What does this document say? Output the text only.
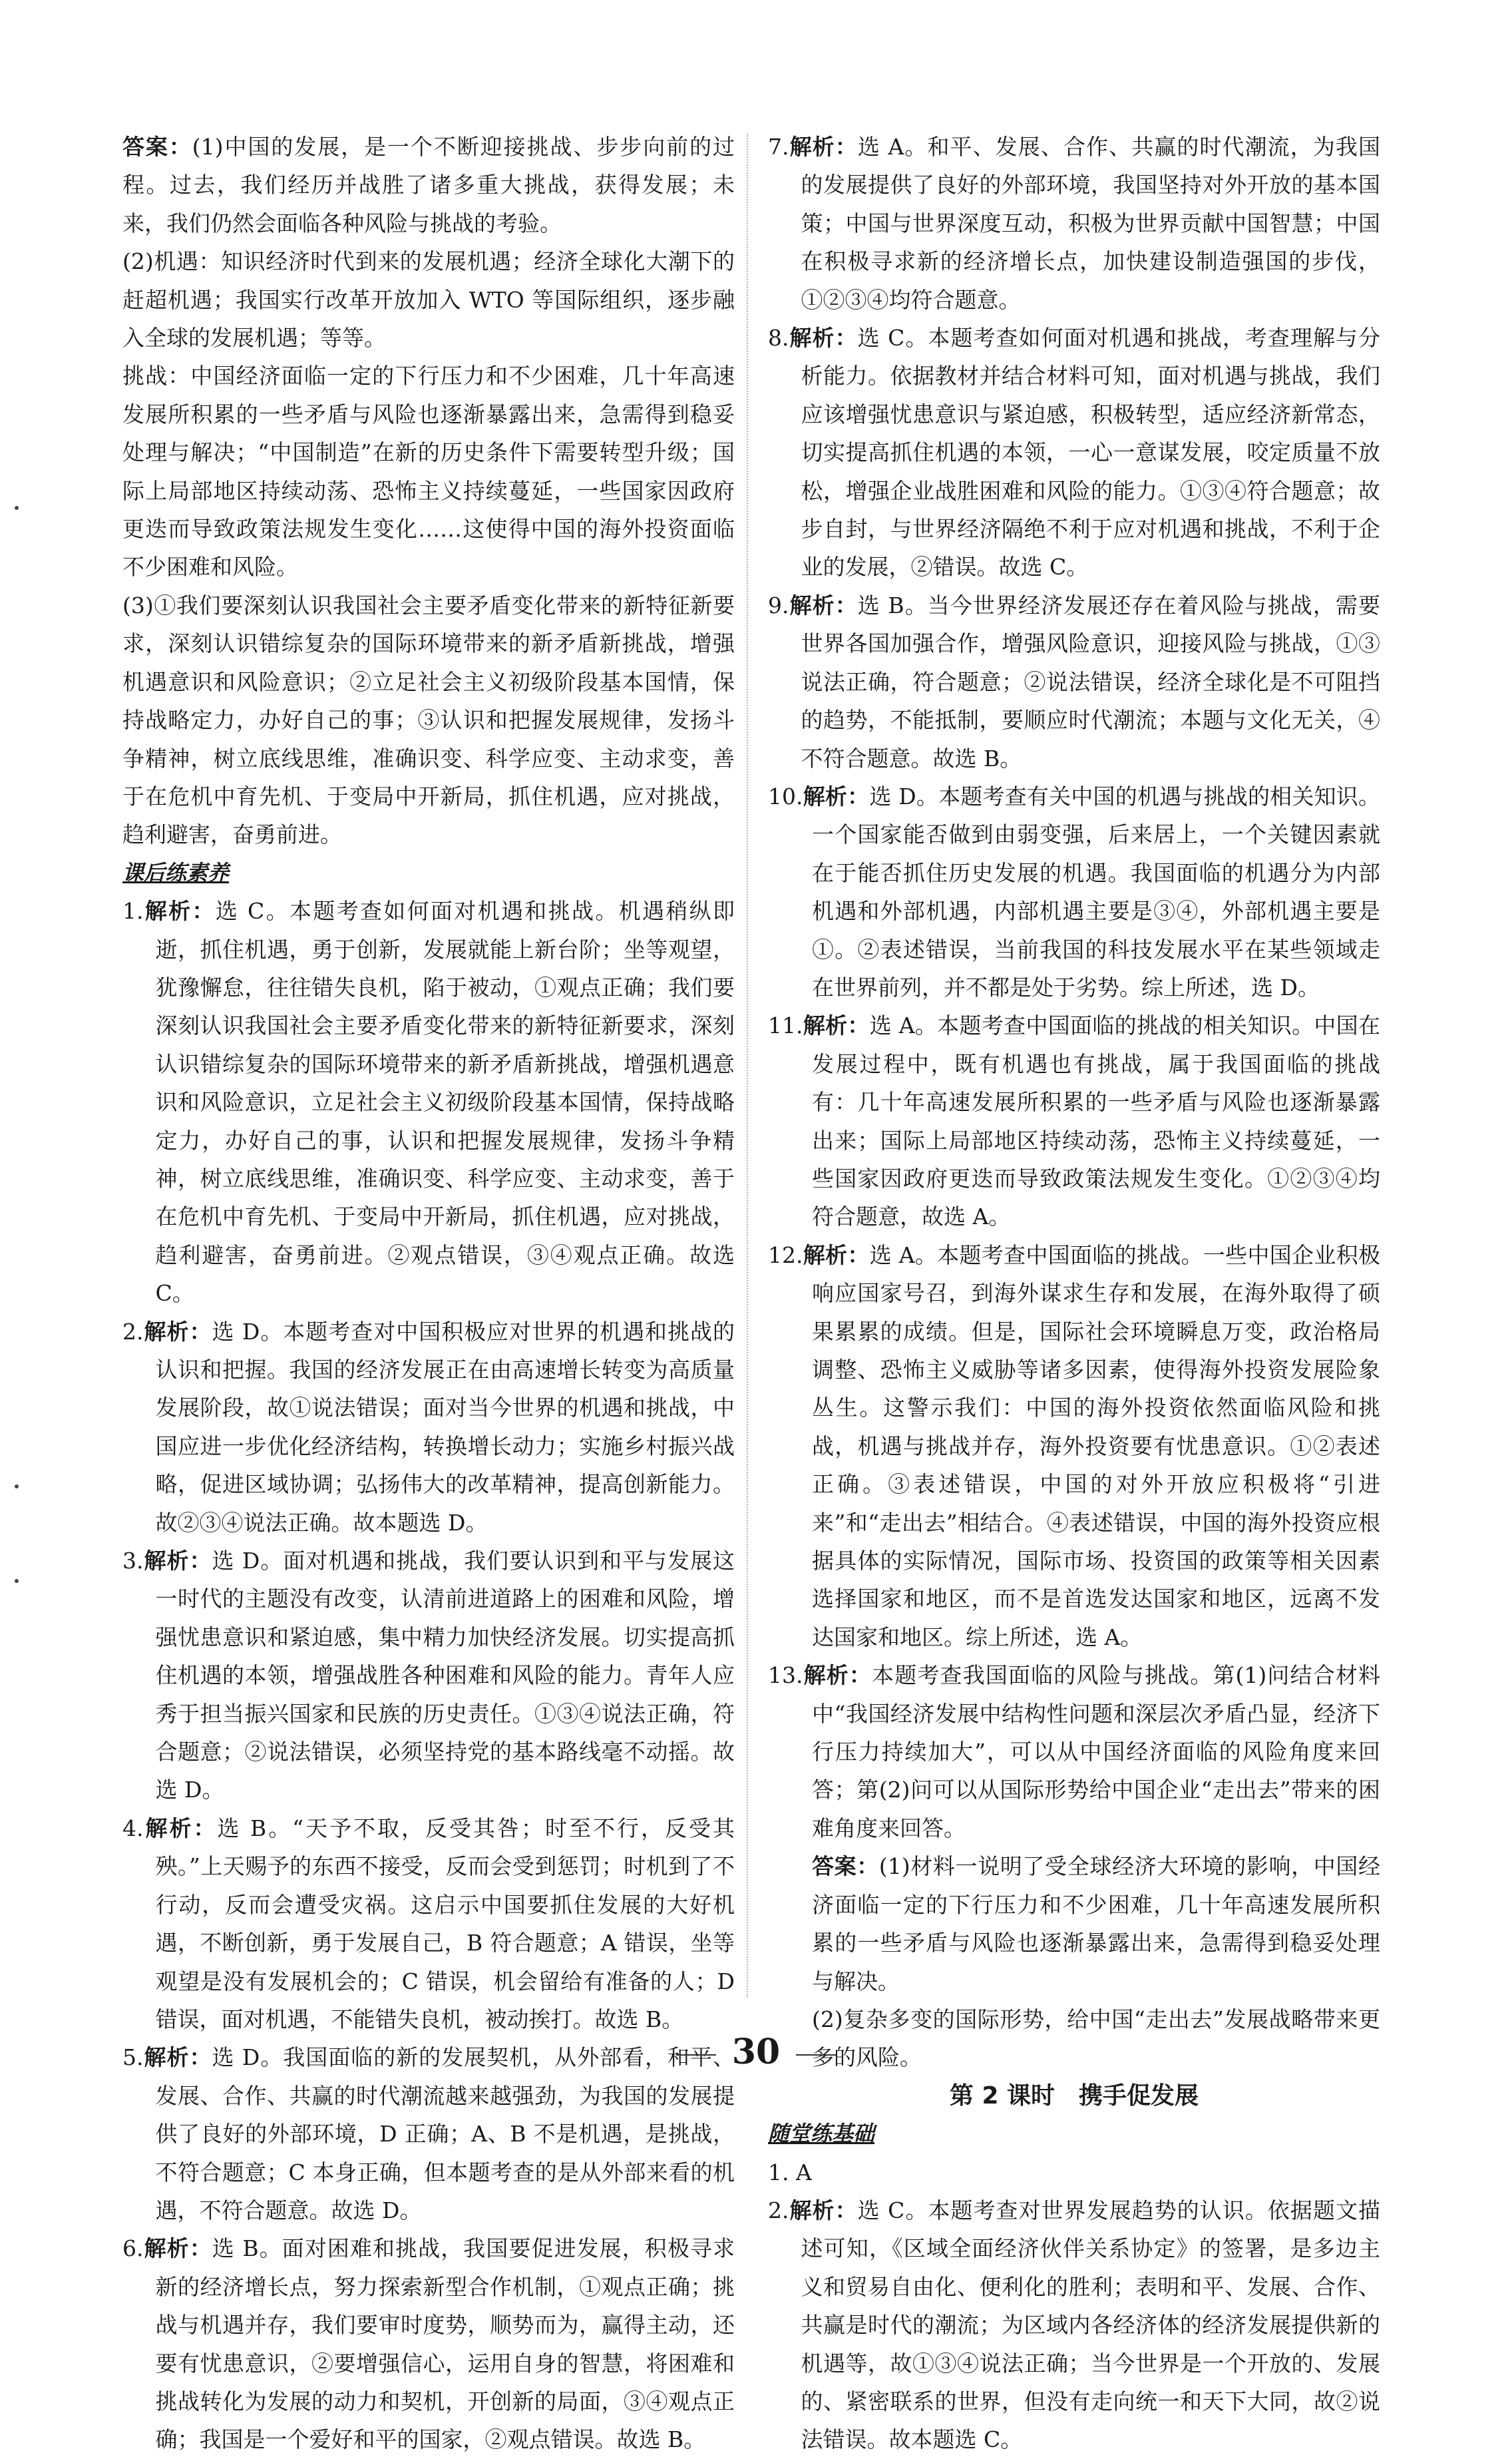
答案：(1)中国的发展，是一个不断迎接挑战、步步向前的过程。过去，我们经历并战胜了诸多重大挑战，获得发展；未来，我们仍然会面临各种风险与挑战的考验。

(2)机遇：知识经济时代到来的发展机遇；经济全球化大潮下的赶超机遇；我国实行改革开放加入 WTO 等国际组织，逐步融入全球的发展机遇；等等。

挑战：中国经济面临一定的下行压力和不少困难，几十年高速发展所积累的一些矛盾与风险也逐渐暴露出来，急需得到稳妥处理与解决；“中国制造”在新的历史条件下需要转型升级；国际上局部地区持续动荡、恐怖主义持续蔓延，一些国家因政府更迭而导致政策法规发生变化……这使得中国的海外投资面临不少困难和风险。

(3)①我们要深刻认识我国社会主要矛盾变化带来的新特征新要求，深刻认识错综复杂的国际环境带来的新矛盾新挑战，增强机遇意识和风险意识；②立足社会主义初级阶段基本国情，保持战略定力，办好自己的事；③认识和把握发展规律，发扬斗争精神，树立底线思维，准确识变、科学应变、主动求变，善于在危机中育先机、于变局中开新局，抓住机遇，应对挑战，趋利避害，奋勇前进。

课后练素养

1.解析：选 C。本题考查如何面对机遇和挑战。机遇稍纵即逝，抓住机遇，勇于创新，发展就能上新台阶；坐等观望，犹豫懈怠，往往错失良机，陷于被动，①观点正确；我们要深刻认识我国社会主要矛盾变化带来的新特征新要求，深刻认识错综复杂的国际环境带来的新矛盾新挑战，增强机遇意识和风险意识，立足社会主义初级阶段基本国情，保持战略定力，办好自己的事，认识和把握发展规律，发扬斗争精神，树立底线思维，准确识变、科学应变、主动求变，善于在危机中育先机、于变局中开新局，抓住机遇，应对挑战，趋利避害，奋勇前进。②观点错误，③④观点正确。故选 C。

2.解析：选 D。本题考查对中国积极应对世界的机遇和挑战的认识和把握。我国的经济发展正在由高速增长转变为高质量发展阶段，故①说法错误；面对当今世界的机遇和挑战，中国应进一步优化经济结构，转换增长动力；实施乡村振兴战略，促进区域协调；弘扬伟大的改革精神，提高创新能力。故②③④说法正确。故本题选 D。

3.解析：选 D。面对机遇和挑战，我们要认识到和平与发展这一时代的主题没有改变，认清前进道路上的困难和风险，增强忧患意识和紧迫感，集中精力加快经济发展。切实提高抓住机遇的本领，增强战胜各种困难和风险的能力。青年人应秀于担当振兴国家和民族的历史责任。①③④说法正确，符合题意；②说法错误，必须坚持党的基本路线毫不动摇。故选 D。

4.解析：选 B。“天予不取，反受其咎；时至不行，反受其殃。”上天赐予的东西不接受，反而会受到惩罚；时机到了不行动，反而会遭受灾祸。这启示中国要抓住发展的大好机遇，不断创新，勇于发展自己，B 符合题意；A 错误，坐等观望是没有发展机会的；C 错误，机会留给有准备的人；D 错误，面对机遇，不能错失良机，被动挨打。故选 B。

5.解析：选 D。我国面临的新的发展契机，从外部看，和平、发展、合作、共赢的时代潮流越来越强劲，为我国的发展提供了良好的外部环境，D 正确；A、B 不是机遇，是挑战，不符合题意；C 本身正确，但本题考查的是从外部来看的机遇，不符合题意。故选 D。

6.解析：选 B。面对困难和挑战，我国要促进发展，积极寻求新的经济增长点，努力探索新型合作机制，①观点正确；挑战与机遇并存，我们要审时度势，顺势而为，赢得主动，还要有忧患意识，②要增强信心，运用自身的智慧，将困难和挑战转化为发展的动力和契机，开创新的局面，③④观点正确；我国是一个爱好和平的国家，②观点错误。故选 B。

7.解析：选 A。和平、发展、合作、共赢的时代潮流，为我国的发展提供了良好的外部环境，我国坚持对外开放的基本国策；中国与世界深度互动，积极为世界贡献中国智慧；中国在积极寻求新的经济增长点，加快建设制造强国的步伐，①②③④均符合题意。

8.解析：选 C。本题考查如何面对机遇和挑战，考查理解与分析能力。依据教材并结合材料可知，面对机遇与挑战，我们应该增强忧患意识与紧迫感，积极转型，适应经济新常态，切实提高抓住机遇的本领，一心一意谋发展，咬定质量不放松，增强企业战胜困难和风险的能力。①③④符合题意；故步自封，与世界经济隔绝不利于应对机遇和挑战，不利于企业的发展，②错误。故选 C。

9.解析：选 B。当今世界经济发展还存在着风险与挑战，需要世界各国加强合作，增强风险意识，迎接风险与挑战，①③说法正确，符合题意；②说法错误，经济全球化是不可阻挡的趋势，不能抵制，要顺应时代潮流；本题与文化无关，④不符合题意。故选 B。

10.解析：选 D。本题考查有关中国的机遇与挑战的相关知识。一个国家能否做到由弱变强，后来居上，一个关键因素就在于能否抓住历史发展的机遇。我国面临的机遇分为内部机遇和外部机遇，内部机遇主要是③④，外部机遇主要是①。②表述错误，当前我国的科技发展水平在某些领域走在世界前列，并不都是处于劣势。综上所述，选 D。

11.解析：选 A。本题考查中国面临的挑战的相关知识。中国在发展过程中，既有机遇也有挑战，属于我国面临的挑战有：几十年高速发展所积累的一些矛盾与风险也逐渐暴露出来；国际上局部地区持续动荡，恐怖主义持续蔓延，一些国家因政府更迭而导致政策法规发生变化。①②③④均符合题意，故选 A。

12.解析：选 A。本题考查中国面临的挑战。一些中国企业积极响应国家号召，到海外谋求生存和发展，在海外取得了硕果累累的成绩。但是，国际社会环境瞬息万变，政治格局调整、恐怖主义威胁等诸多因素，使得海外投资发展险象丛生。这警示我们：中国的海外投资依然面临风险和挑战，机遇与挑战并存，海外投资要有忧患意识。①②表述正确。③表述错误，中国的对外开放应积极将“引进来”和“走出去”相结合。④表述错误，中国的海外投资应根据具体的实际情况，国际市场、投资国的政策等相关因素选择国家和地区，而不是首选发达国家和地区，远离不发达国家和地区。综上所述，选 A。

13.解析：本题考查我国面临的风险与挑战。第(1)问结合材料中“我国经济发展中结构性问题和深层次矛盾凸显，经济下行压力持续加大”，可以从中国经济面临的风险角度来回答；第(2)问可以从国际形势给中国企业“走出去”带来的困难角度来回答。

答案：(1)材料一说明了受全球经济大环境的影响，中国经济面临一定的下行压力和不少困难，几十年高速发展所积累的一些矛盾与风险也逐渐暴露出来，急需得到稳妥处理与解决。

(2)复杂多变的国际形势，给中国“走出去”发展战略带来更多的风险。

第 2 课时 携手促发展
随堂练基础

1. A

2.解析：选 C。本题考查对世界发展趋势的认识。依据题文描述可知，《区域全面经济伙伴关系协定》的签署，是多边主义和贸易自由化、便利化的胜利；表明和平、发展、合作、共赢是时代的潮流；为区域内各经济体的经济发展提供新的机遇等，故①③④说法正确；当今世界是一个开放的、发展的、紧密联系的世界，但没有走向统一和天下大同，故②说法错误。故本题选 C。

30
